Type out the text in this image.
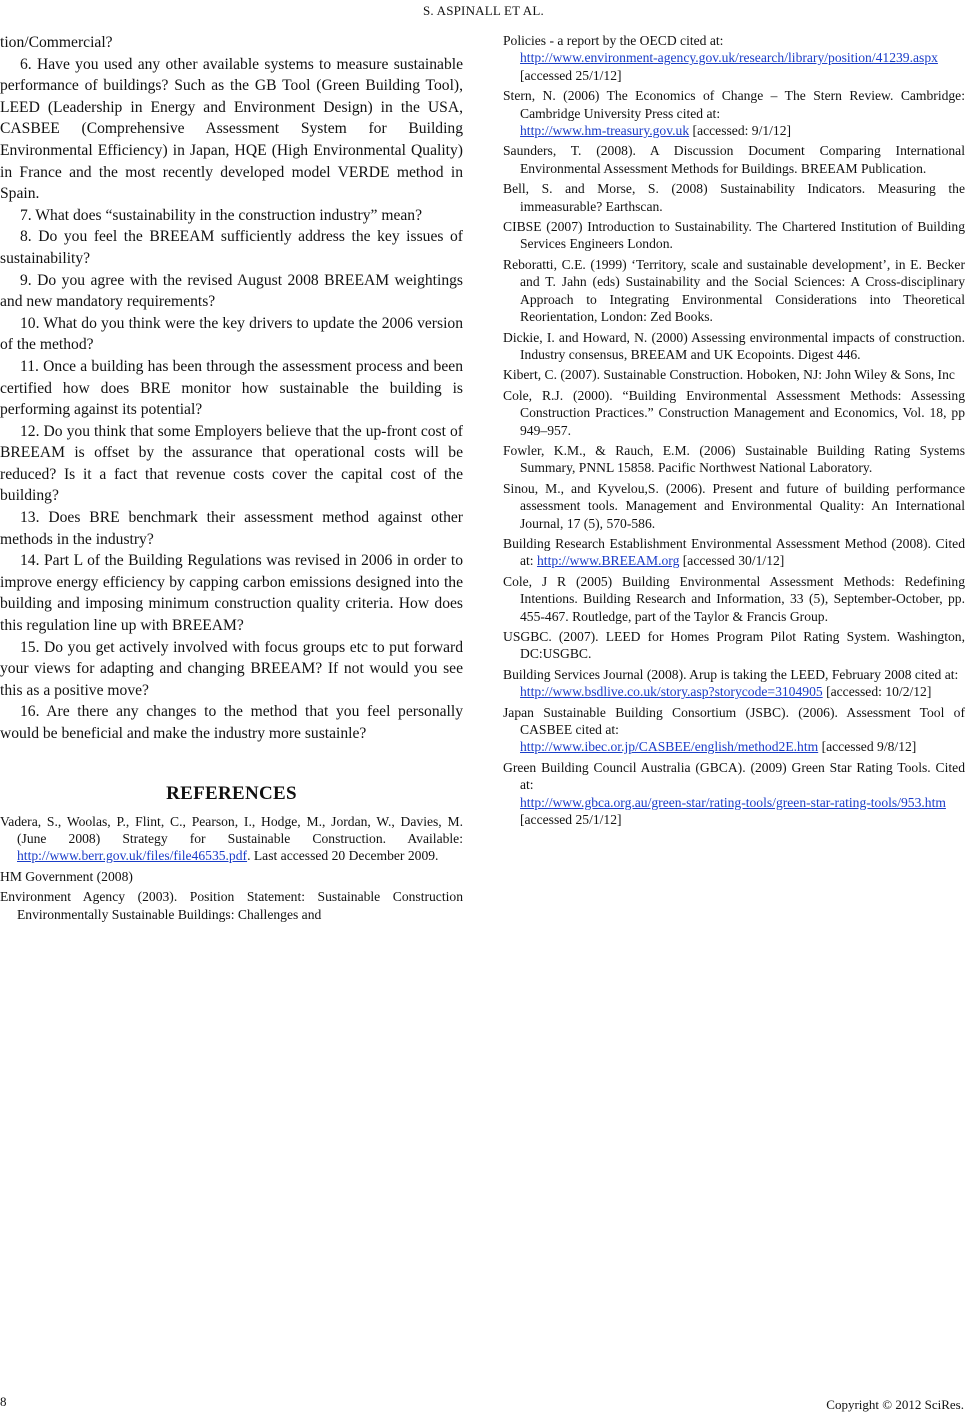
S. ASPINALL ET AL.

tion/Commercial?

6. Have you used any other available systems to measure sustainable performance of buildings? Such as the GB Tool (Green Building Tool), LEED (Leadership in Energy and Environment Design) in the USA, CASBEE (Comprehensive Assessment System for Building Environmental Efficiency) in Japan, HQE (High Environmental Quality) in France and the most recently developed model VERDE method in Spain.

7. What does “sustainability in the construction industry” mean?

8. Do you feel the BREEAM sufficiently address the key issues of sustainability?

9. Do you agree with the revised August 2008 BREEAM weightings and new mandatory requirements?

10. What do you think were the key drivers to update the 2006 version of the method?

11. Once a building has been through the assessment process and been certified how does BRE monitor how sustainable the building is performing against its potential?

12. Do you think that some Employers believe that the up-front cost of BREEAM is offset by the assurance that operational costs will be reduced? Is it a fact that revenue costs cover the capital cost of the building?

13. Does BRE benchmark their assessment method against other methods in the industry?

14. Part L of the Building Regulations was revised in 2006 in order to improve energy efficiency by capping carbon emissions designed into the building and imposing minimum construction quality criteria. How does this regulation line up with BREEAM?

15. Do you get actively involved with focus groups etc to put forward your views for adapting and changing BREEAM? If not would you see this as a positive move?

16. Are there any changes to the method that you feel personally would be beneficial and make the industry more sustainle?

REFERENCES

Vadera, S., Woolas, P., Flint, C., Pearson, I., Hodge, M., Jordan, W., Davies, M. (June 2008) Strategy for Sustainable Construction. Available: http://www.berr.gov.uk/files/file46535.pdf. Last accessed 20 December 2009.

HM Government (2008)

Environment Agency (2003). Position Statement: Sustainable Construction Environmentally Sustainable Buildings: Challenges and

Policies - a report by the OECD cited at:
http://www.environment-agency.gov.uk/research/library/position/41239.aspx [accessed 25/1/12]

Stern, N. (2006) The Economics of Change – The Stern Review. Cambridge: Cambridge University Press cited at:
http://www.hm-treasury.gov.uk [accessed: 9/1/12]

Saunders, T. (2008). A Discussion Document Comparing International Environmental Assessment Methods for Buildings. BREEAM Publication.

Bell, S. and Morse, S. (2008) Sustainability Indicators. Measuring the immeasurable? Earthscan.

CIBSE (2007) Introduction to Sustainability. The Chartered Institution of Building Services Engineers London.

Reboratti, C.E. (1999) ‘Territory, scale and sustainable development’, in E. Becker and T. Jahn (eds) Sustainability and the Social Sciences: A Cross-disciplinary Approach to Integrating Environmental Considerations into Theoretical Reorientation, London: Zed Books.

Dickie, I. and Howard, N. (2000) Assessing environmental impacts of construction. Industry consensus, BREEAM and UK Ecopoints. Digest 446.

Kibert, C. (2007). Sustainable Construction. Hoboken, NJ: John Wiley & Sons, Inc

Cole, R.J. (2000). “Building Environmental Assessment Methods: Assessing Construction Practices.” Construction Management and Economics, Vol. 18, pp 949–957.

Fowler, K.M., & Rauch, E.M. (2006) Sustainable Building Rating Systems Summary, PNNL 15858. Pacific Northwest National Laboratory.

Sinou, M., and Kyvelou,S. (2006). Present and future of building performance assessment tools. Management and Environmental Quality: An International Journal, 17 (5), 570-586.

Building Research Establishment Environmental Assessment Method (2008). Cited at: http://www.BREEAM.org [accessed 30/1/12]

Cole, J R (2005) Building Environmental Assessment Methods: Redefining Intentions. Building Research and Information, 33 (5), September-October, pp. 455-467. Routledge, part of the Taylor & Francis Group.

USGBC. (2007). LEED for Homes Program Pilot Rating System. Washington, DC:USGBC.

Building Services Journal (2008). Arup is taking the LEED, February 2008 cited at:
http://www.bsdlive.co.uk/story.asp?storycode=3104905 [accessed: 10/2/12]

Japan Sustainable Building Consortium (JSBC). (2006). Assessment Tool of CASBEE cited at:
http://www.ibec.or.jp/CASBEE/english/method2E.htm [accessed 9/8/12]

Green Building Council Australia (GBCA). (2009) Green Star Rating Tools. Cited at:
http://www.gbca.org.au/green-star/rating-tools/green-star-rating-tools/953.htm [accessed 25/1/12]

8	Copyright © 2012 SciRes.
